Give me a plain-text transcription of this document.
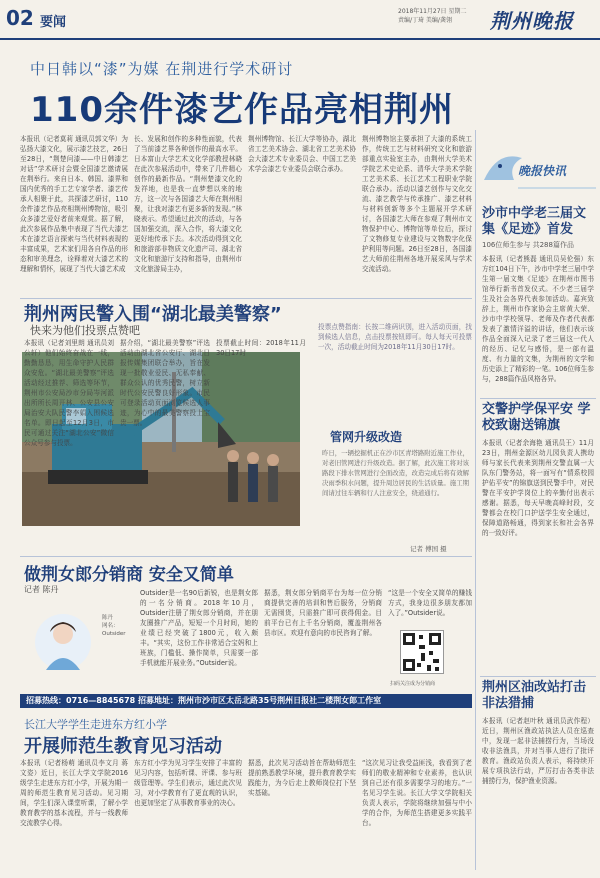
02 要闻
2018年11月27日 星期二
责编/丁琦 美编/龚翎	荆州晚报
中日韩以“漆”为媒 在荆进行学术研讨
110余件漆艺作品亮相荆州
本报讯（记者莫莉 通讯员郭文华）为弘扬大漆文化，展示漆艺技艺，26日至28日，“荆楚问漆——中日韩漆艺对话”学术研讨会暨全国漆艺邀请展在荆举行。来自日本、韩国、漆界和国内优秀的手工艺专家学者、漆艺传承人相聚于此，共探漆艺研讨，110余件漆艺作品亮相荆州博物馆，吸引众多漆艺爱好者前来观赏。据了解，此次参展作品集中表现了当代大漆艺术在漆艺语言探索与当代材料表现的丰富成果，艺术家们用各自作品的形态和审美理念，诠释着对大漆艺术的理解和情怀，展现了当代大漆艺术成
长、发展和创作的多种性面貌，代表了当前漆艺界各种创作的最高水平。日本富山大学艺术文化学部教授林晓在此次参展活动中，带来了几件精心创作的最新作品。“荆州楚漆文化的发祥地，也是我一直梦想以来的地方，这一次与各国漆艺大师在荆州相聚，让我对漆艺有更多新的发现。”林晓表示。希望通过此次的活动，与各国加强交流，深入合作，将大漆文化更好地传承下去。本次活动得到文化和旅游部非物质文化遗产司、湖北省文化和旅游厅支持和指导，由荆州市文化旅游局主办，
荆州博物馆、长江大学等协办，湖北省工艺美术协会、湖北省工艺美术协会大漆艺术专业委员会、中国工艺美术学会漆艺专业委员会联合承办。
荆州博物馆主要承担了大漆的系统工作，传统工艺与材料研究文化和旅游部重点实验室主办，由荆州大学美术学院艺术史论系、清华大学美术学院工艺美术系、长江艺术工程职业学院联合承办。活动以漆艺创作与文化交流、漆艺教学与传承推广、漆艺材料与材料创新等多个主题展开学术研讨，各国漆艺大师在参观了荆州市文物保护中心、博物馆等单位后，探讨了文物修复专业建设与文物数字化保护利用等问题。26日至28日，各国漆艺大师前往荆州各地开展采风与学术交流活动。
晚报快讯
沙市中学老三届文集《足迹》首发
106位师生参与 共288篇作品
本报讯（记者熊磊 通讯员吴伦强）东方红104日下午，沙市中学老三届中学生第一届文集《足迹》在荆州市图书馆举行新书首发仪式。不少老三届学生及社会各界代表参加活动。嘉宾致辞上，荆州市作家协会主席黄大荣、沙市中学校领导、老师及作者代表都发表了激情洋溢的讲话，他们表示该作品全面深入记录了老三届这一代人的经历、记忆与感悟，是一部有温度、有力量的文集，为荆州的文学和历史添上了精彩的一笔。106位师生参与，288篇作品风格各异。
交警护学保平安 学校致谢送锦旗
本报讯（记者余海艳 通讯员王）11月23日，荆州金源区幼儿园负责人携幼师与家长代表来到荆州交警直属一大队东门警务站，将一面写有“情系校园 护佑平安”的锦旗送到民警手中，对民警在平安护学岗位上的辛勤付出表示感谢。据悉，每天早晚高峰时段，交警都会在校门口护送学生安全通过，保障道路畅通，得到家长和社会各界的一致好评。
荆州区油改站打击非法猎捕
本报讯（记者赵叶秋 通讯员武作程）近日，荆州区渔政站执法人员在巡查中，发现一起非法捕捞行为，当场没收非法渔具，并对当事人进行了批评教育。渔政站负责人表示，将持续开展专项执法行动，严厉打击各类非法捕捞行为，保护渔业资源。
荆州两民警入围“湖北最美警察”
快来为他们投票点赞吧
本报讯（记者刘里朗 通讯员刘公轩）他们始终奋战在一线，勤勤恳恳，用生命守护人民群众安危。“湖北最美警察”评选活动经过推荐、筛选等环节，荆州市公安局沙市分局岑河派出所所长周开林、公安县公安局治安大队民警李娟入围候选名单。即日起至12月3日，市民可通过关注“湖北公安”微信公众号参与投票。
据介绍，“湖北最美警察”评选活动由湖北省公安厅、湖北日报传媒集团联合举办，旨在发现一批敬业爱民、无私奉献、群众公认的优秀民警，树立新时代公安民警良好形象。市民可登录活动页面浏览候选人事迹，为心中的最美警察投上宝贵一票。
投票截止时间：2018年11月30日17时
投票点赞指南：长按二维码识别，进入活动页面，找到候选人信息，点击投票按钮即可。每人每天可投票一次，活动截止时间为2018年11月30日17时。
管网升级改造
昨日，一辆挖掘机正在沙市区青塔路附近施工作业，对老旧管网进行升级改造。据了解，此次施工将对该路段下排水管网进行全面改造，改造完成后将有效解决雨季积水问题，提升周边居民的生活质量。施工期间请过往车辆和行人注意安全，绕道通行。
记者 傅国 摄
做荆女郎分销商 安全又简单
记者 陈丹
陈丹
网名：Outsider
Outsider是一名90后新锐，也是荆女郎的一名分销商。2018年10月，Outsider注册了荆女郎分销商，并在朋友圈推广产品，短短一个月时间，她的业绩已经突破了1800元，收入颇丰。“其实，这份工作非常适合宝妈和上班族，门槛低、操作简单，只需要一部手机就能开展业务。”Outsider说。
据悉，荆女郎分销商平台为每一位分销商提供完善的培训和售后服务，分销商无需囤货，只需推广即可获得佣金。目前平台已有上千名分销商，覆盖荆州各县市区。欢迎有意向的市民咨询了解。
“这是一个安全又简单的赚钱方式，我身边很多朋友都加入了。”Outsider说。
扫码关注成为分销商
招募热线：0716—8845678 招募地址：荆州市沙市区太岳北路35号荆州日报社二楼荆女郎工作室
长江大学学生走进东方红小学
开展师范生教育见习活动
本报讯（记者杨萌 通讯员李文月 蒋文姿）近日，长江大学文学院2016级学生走进东方红小学，开展为期一周的师范生教育见习活动。见习期间，学生们深入课堂听课，了解小学教育教学的基本流程，并与一线教师交流教学心得。
东方红小学为见习学生安排了丰富的见习内容，包括听课、评课、参与班级管理等。学生们表示，通过此次见习，对小学教育有了更直观的认识，也更加坚定了从事教育事业的决心。
据悉，此次见习活动旨在帮助师范生提前熟悉教学环境，提升教育教学实践能力，为今后走上教师岗位打下坚实基础。
“这次见习让我受益匪浅，我看到了老师们的敬业精神和专业素养，也认识到自己还有很多需要学习的地方。”一名见习学生说。长江大学文学院相关负责人表示，学院将继续加强与中小学的合作，为师范生搭建更多实践平台。
